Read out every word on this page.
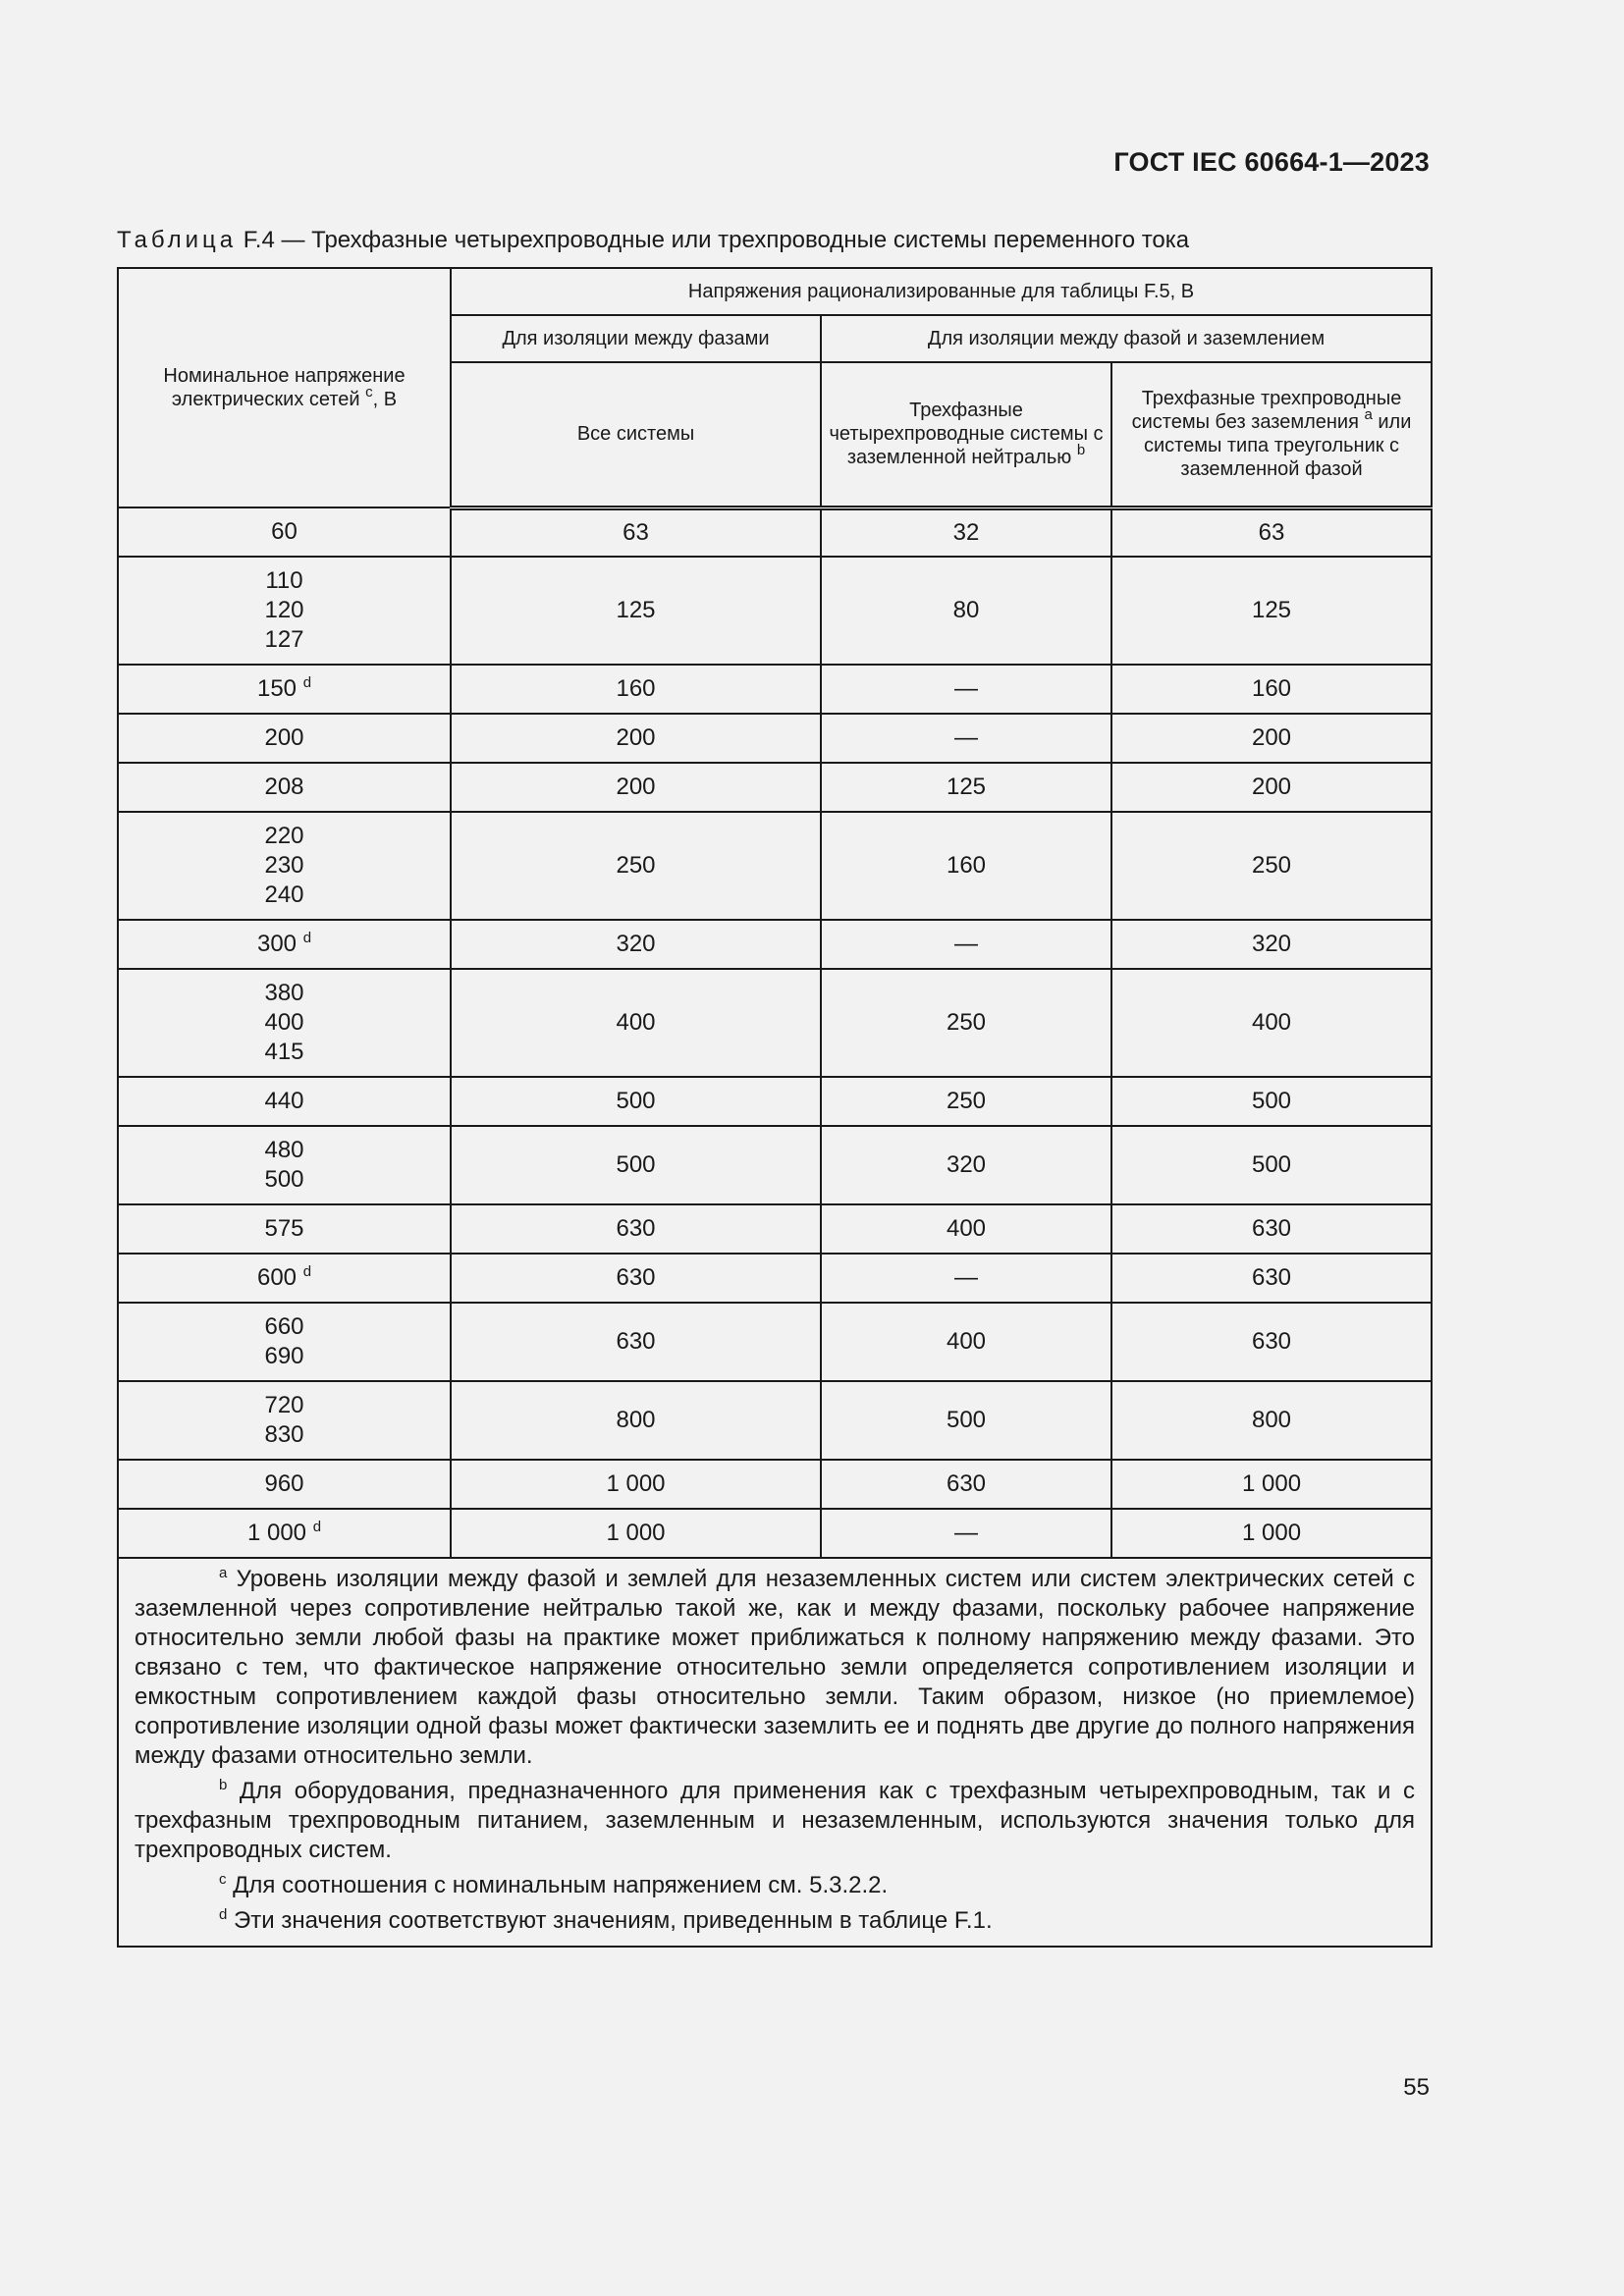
ГОСТ IEC 60664-1—2023
Таблица F.4 — Трехфазные четырехпроводные или трехпроводные системы переменного тока
Номинальное напряжение электрических сетей $^c$, В	Напряжения рационализированные для таблицы F.5, В		
	Для изоляции между фазами	Для изоляции между фазой и заземлением	
	Все системы	Трехфазные четырехпроводные системы с заземленной нейтралью $^b$	Трехфазные трехпроводные системы без заземления $^a$ или системы типа треугольник с заземленной фазой

60	63	32	63

110
120
127	125	80	125

150 $^d$	160	—	160

200	200	—	200

208	200	125	200

220
230
240	250	160	250

300 $^d$	320	—	320

380
400
415	400	250	400

440	500	250	500

480
500	500	320	500

575	630	400	630

600 $^d$	630	—	630

660
690	630	400	630

720
830	800	500	800

960	1 000	630	1 000

1 000 $^d$	1 000	—	1 000

$^a$ Уровень изоляции между фазой и землей для незаземленных систем или систем электрических сетей с заземленной через сопротивление нейтралью такой же, как и между фазами, поскольку рабочее напряжение относительно земли любой фазы на практике может приближаться к полному напряжению между фазами. Это связано с тем, что фактическое напряжение относительно земли определяется сопротивлением изоляции и емкостным сопротивлением каждой фазы относительно земли. Таким образом, низкое (но приемлемое) сопротивление изоляции одной фазы может фактически заземлить ее и поднять две другие до полного напряжения между фазами относительно земли.
$^b$ Для оборудования, предназначенного для применения как с трехфазным четырехпроводным, так и с трехфазным трехпроводным питанием, заземленным и незаземленным, используются значения только для трехпроводных систем.
$^c$ Для соотношения с номинальным напряжением см. 5.3.2.2.
$^d$ Эти значения соответствуют значениям, приведенным в таблице F.1.			
55
